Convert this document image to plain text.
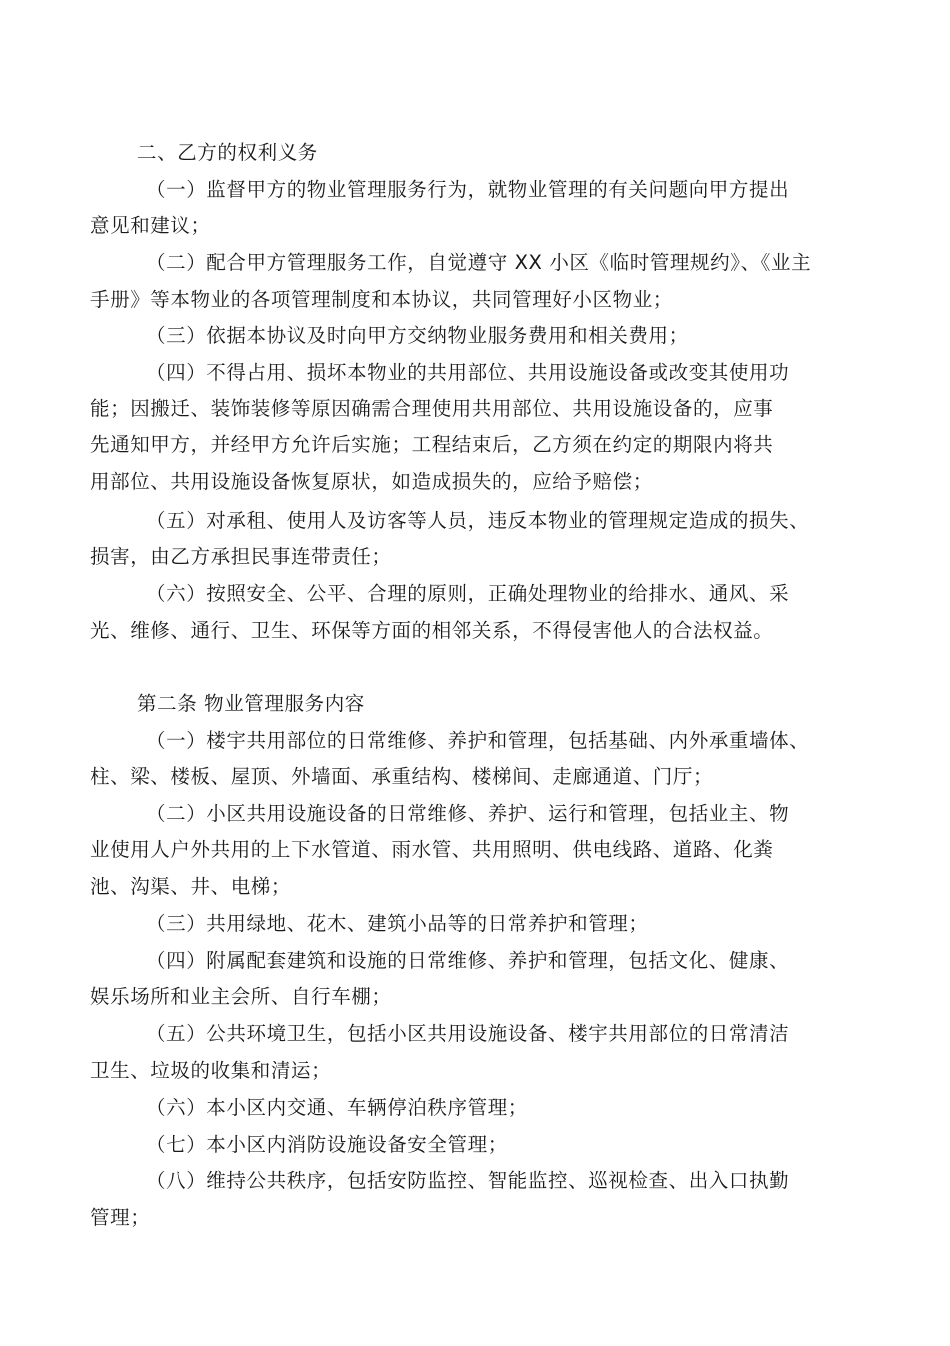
二、乙方的权利义务
（一）监督甲方的物业管理服务行为，就物业管理的有关问题向甲方提出
意见和建议；
（二）配合甲方管理服务工作，自觉遵守 XX 小区《临时管理规约》、《业主
手册》等本物业的各项管理制度和本协议，共同管理好小区物业；
（三）依据本协议及时向甲方交纳物业服务费用和相关费用；
（四）不得占用、损坏本物业的共用部位、共用设施设备或改变其使用功
能；因搬迁、装饰装修等原因确需合理使用共用部位、共用设施设备的，应事
先通知甲方，并经甲方允许后实施；工程结束后，乙方须在约定的期限内将共
用部位、共用设施设备恢复原状，如造成损失的，应给予赔偿；
（五）对承租、使用人及访客等人员，违反本物业的管理规定造成的损失、
损害，由乙方承担民事连带责任；
（六）按照安全、公平、合理的原则，正确处理物业的给排水、通风、采
光、维修、通行、卫生、环保等方面的相邻关系，不得侵害他人的合法权益。
第二条 物业管理服务内容
（一）楼宇共用部位的日常维修、养护和管理，包括基础、内外承重墙体、
柱、梁、楼板、屋顶、外墙面、承重结构、楼梯间、走廊通道、门厅；
（二）小区共用设施设备的日常维修、养护、运行和管理，包括业主、物
业使用人户外共用的上下水管道、雨水管、共用照明、供电线路、道路、化粪
池、沟渠、井、电梯；
（三）共用绿地、花木、建筑小品等的日常养护和管理；
（四）附属配套建筑和设施的日常维修、养护和管理，包括文化、健康、
娱乐场所和业主会所、自行车棚；
（五）公共环境卫生，包括小区共用设施设备、楼宇共用部位的日常清洁
卫生、垃圾的收集和清运；
（六）本小区内交通、车辆停泊秩序管理；
（七）本小区内消防设施设备安全管理；
（八）维持公共秩序，包括安防监控、智能监控、巡视检查、出入口执勤
管理；
